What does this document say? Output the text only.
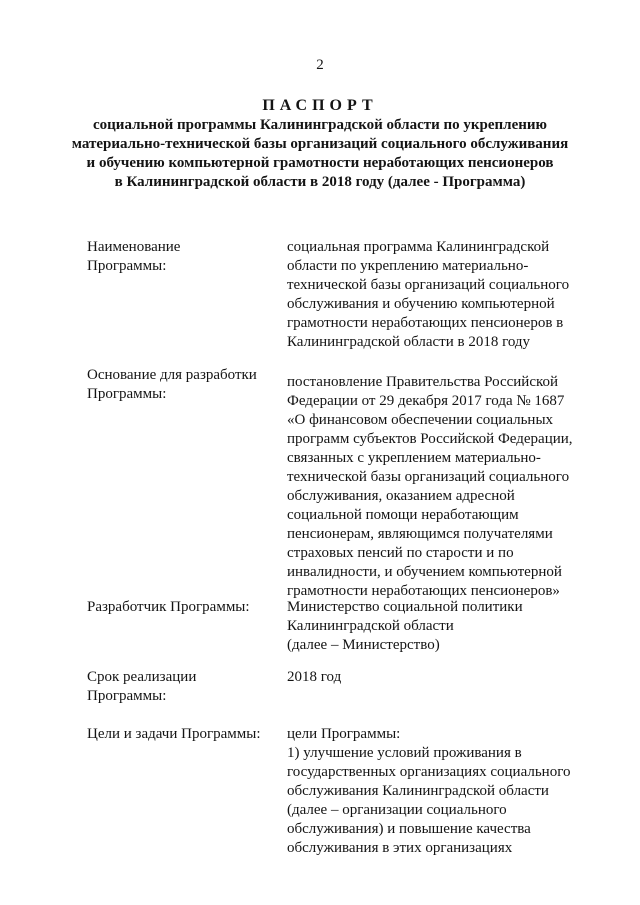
2
ПАСПОРТ
социальной программы Калининградской области по укреплению
материально-технической базы организаций социального обслуживания
и обучению компьютерной грамотности неработающих пенсионеров
в Калининградской области в 2018 году (далее - Программа)
Наименование
Программы:
социальная программа Калининградской
области по укреплению материально-
технической базы организаций социального
обслуживания и обучению компьютерной
грамотности неработающих пенсионеров в
Калининградской области в 2018 году
Основание для разработки
Программы:
постановление Правительства Российской
Федерации от 29 декабря 2017 года № 1687
«О финансовом обеспечении социальных
программ субъектов Российской Федерации,
связанных с укреплением материально-
технической базы организаций социального
обслуживания, оказанием адресной
социальной помощи неработающим
пенсионерам, являющимся получателями
страховых пенсий по старости и по
инвалидности, и обучением компьютерной
грамотности неработающих пенсионеров»
Разработчик Программы:	Министерство социальной политики
Калининградской области
(далее – Министерство)
Срок реализации
Программы:
2018 год
Цели и задачи Программы:	цели Программы:
1) улучшение условий проживания в
государственных организациях социального
обслуживания Калининградской области
(далее – организации социального
обслуживания) и повышение качества
обслуживания в этих организациях
